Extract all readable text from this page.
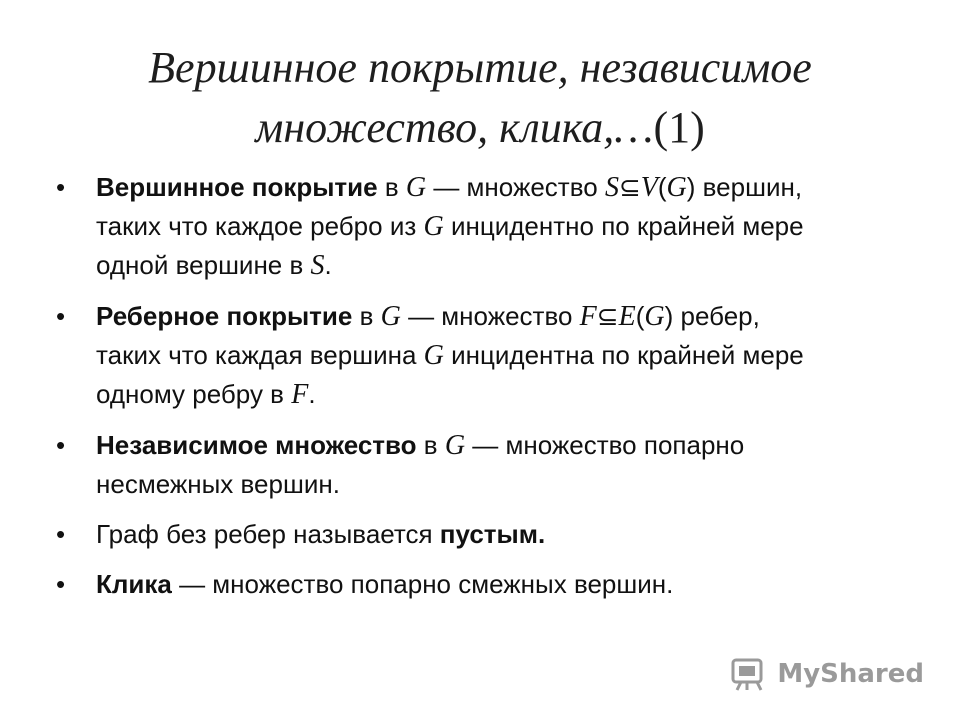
Вершинное покрытие, независимое
множество, клика,…(1)
• Вершинное покрытие в G — множество S⊆V(G) вершин,
таких что каждое ребро из G инцидентно по крайней мере
одной вершине в S.
• Реберное покрытие в G — множество F⊆E(G) ребер,
таких что каждая вершина G инцидентна по крайней мере
одному ребру в F.
• Независимое множество в G — множество попарно
несмежных вершин.
• Граф без ребер называется пустым.
• Клика — множество попарно смежных вершин.
MyShared
